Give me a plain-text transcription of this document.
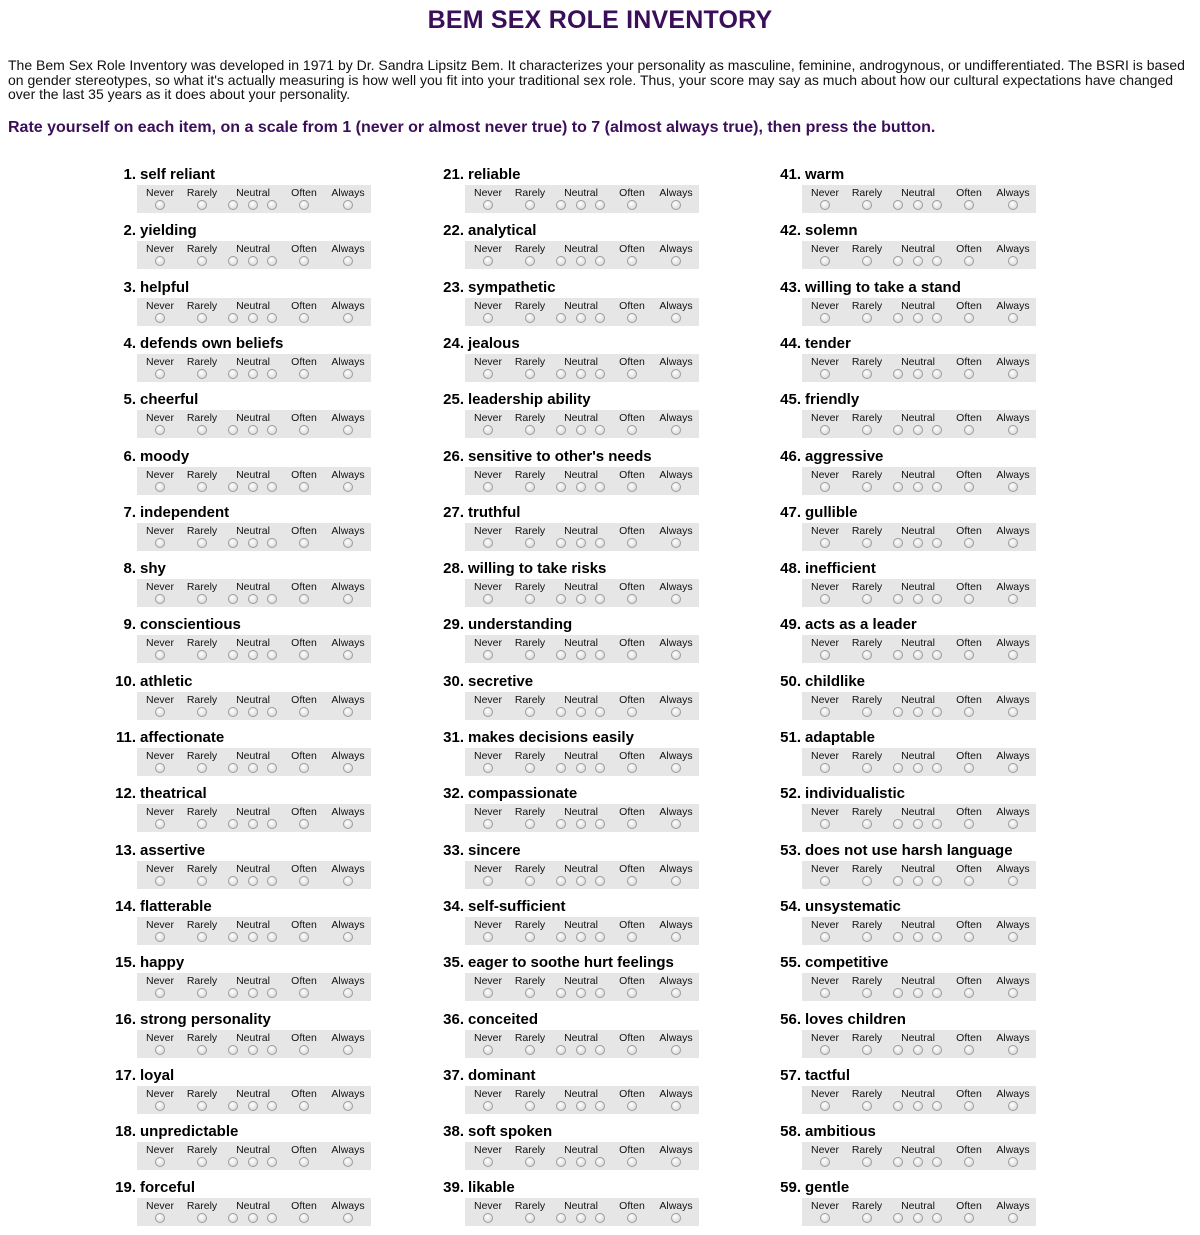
BEM SEX ROLE INVENTORY

The Bem Sex Role Inventory was developed in 1971 by Dr. Sandra Lipsitz Bem. It characterizes your personality as masculine, feminine, androgynous, or undifferentiated. The BSRI is based on gender stereotypes, so what it's actually measuring is how well you fit into your traditional sex role. Thus, your score may say as much about how our cultural expectations have changed over the last 35 years as it does about your personality.

Rate yourself on each item, on a scale from 1 (never or almost never true) to 7 (almost always true), then press the button.

1. self reliant
Never Rarely Neutral Often Always
2. yielding
Never Rarely Neutral Often Always
3. helpful
Never Rarely Neutral Often Always
4. defends own beliefs
Never Rarely Neutral Often Always
5. cheerful
Never Rarely Neutral Often Always
6. moody
Never Rarely Neutral Often Always
7. independent
Never Rarely Neutral Often Always
8. shy
Never Rarely Neutral Often Always
9. conscientious
Never Rarely Neutral Often Always
10. athletic
Never Rarely Neutral Often Always
11. affectionate
Never Rarely Neutral Often Always
12. theatrical
Never Rarely Neutral Often Always
13. assertive
Never Rarely Neutral Often Always
14. flatterable
Never Rarely Neutral Often Always
15. happy
Never Rarely Neutral Often Always
16. strong personality
Never Rarely Neutral Often Always
17. loyal
Never Rarely Neutral Often Always
18. unpredictable
Never Rarely Neutral Often Always
19. forceful
Never Rarely Neutral Often Always
21. reliable
Never Rarely Neutral Often Always
22. analytical
Never Rarely Neutral Often Always
23. sympathetic
Never Rarely Neutral Often Always
24. jealous
Never Rarely Neutral Often Always
25. leadership ability
Never Rarely Neutral Often Always
26. sensitive to other's needs
Never Rarely Neutral Often Always
27. truthful
Never Rarely Neutral Often Always
28. willing to take risks
Never Rarely Neutral Often Always
29. understanding
Never Rarely Neutral Often Always
30. secretive
Never Rarely Neutral Often Always
31. makes decisions easily
Never Rarely Neutral Often Always
32. compassionate
Never Rarely Neutral Often Always
33. sincere
Never Rarely Neutral Often Always
34. self-sufficient
Never Rarely Neutral Often Always
35. eager to soothe hurt feelings
Never Rarely Neutral Often Always
36. conceited
Never Rarely Neutral Often Always
37. dominant
Never Rarely Neutral Often Always
38. soft spoken
Never Rarely Neutral Often Always
39. likable
Never Rarely Neutral Often Always
41. warm
Never Rarely Neutral Often Always
42. solemn
Never Rarely Neutral Often Always
43. willing to take a stand
Never Rarely Neutral Often Always
44. tender
Never Rarely Neutral Often Always
45. friendly
Never Rarely Neutral Often Always
46. aggressive
Never Rarely Neutral Often Always
47. gullible
Never Rarely Neutral Often Always
48. inefficient
Never Rarely Neutral Often Always
49. acts as a leader
Never Rarely Neutral Often Always
50. childlike
Never Rarely Neutral Often Always
51. adaptable
Never Rarely Neutral Often Always
52. individualistic
Never Rarely Neutral Often Always
53. does not use harsh language
Never Rarely Neutral Often Always
54. unsystematic
Never Rarely Neutral Often Always
55. competitive
Never Rarely Neutral Often Always
56. loves children
Never Rarely Neutral Often Always
57. tactful
Never Rarely Neutral Often Always
58. ambitious
Never Rarely Neutral Often Always
59. gentle
Never Rarely Neutral Often Always
